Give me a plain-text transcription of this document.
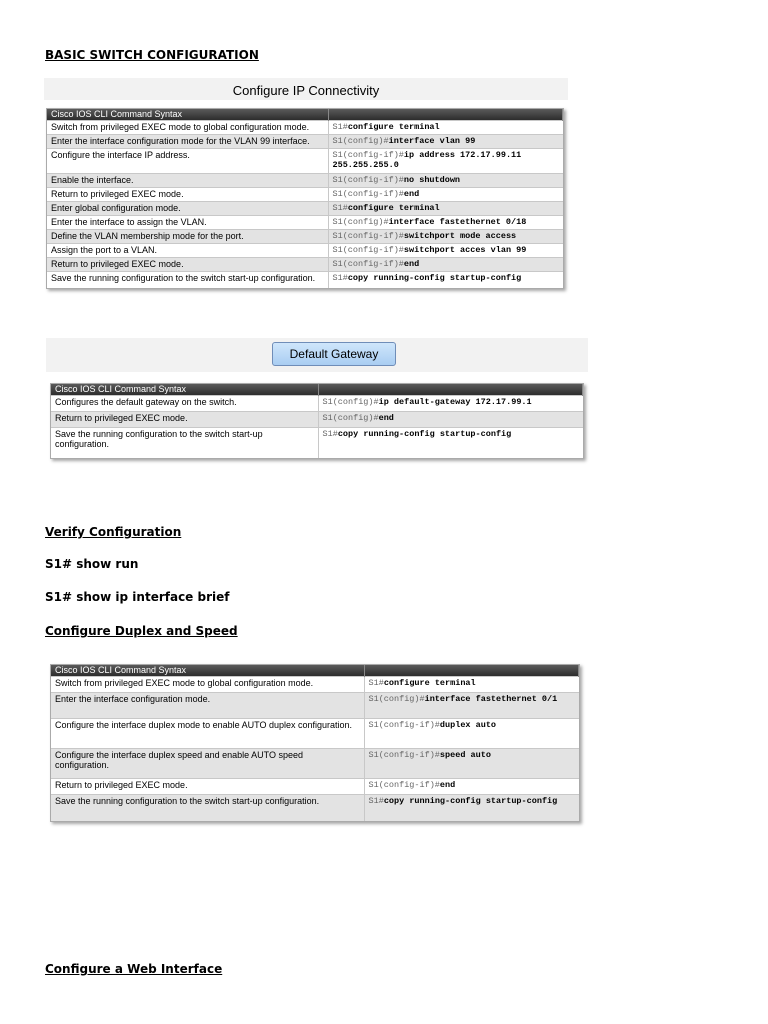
BASIC SWITCH CONFIGURATION

Configure IP Connectivity
Cisco IOS CLI Command Syntax	
Switch from privileged EXEC mode to global configuration mode.	S1#configure terminal
Enter the interface configuration mode for the VLAN 99 interface.	S1(config)#interface vlan 99
Configure the interface IP address.	S1(config-if)#ip address 172.17.99.11 255.255.255.0
Enable the interface.	S1(config-if)#no shutdown
Return to privileged EXEC mode.	S1(config-if)#end
Enter global configuration mode.	S1#configure terminal
Enter the interface to assign the VLAN.	S1(config)#interface fastethernet 0/18
Define the VLAN membership mode for the port.	S1(config-if)#switchport mode access
Assign the port to a VLAN.	S1(config-if)#switchport acces vlan 99
Return to privileged EXEC mode.	S1(config-if)#end
Save the running configuration to the switch start-up configuration.	S1#copy running-config startup-config
Default Gateway
Cisco IOS CLI Command Syntax	
Configures the default gateway on the switch.	S1(config)#ip default-gateway 172.17.99.1
Return to privileged EXEC mode.	S1(config)#end
Save the running configuration to the switch start-up configuration.	S1#copy running-config startup-config

Verify Configuration

S1# show run

S1# show ip interface brief

Configure Duplex and Speed

Cisco IOS CLI Command Syntax	
Switch from privileged EXEC mode to global configuration mode.	S1#configure terminal
Enter the interface configuration mode.	S1(config)#interface fastethernet 0/1
Configure the interface duplex mode to enable AUTO duplex configuration.	S1(config-if)#duplex auto
Configure the interface duplex speed and enable AUTO speed configuration.	S1(config-if)#speed auto
Return to privileged EXEC mode.	S1(config-if)#end
Save the running configuration to the switch start-up configuration.	S1#copy running-config startup-config

Configure a Web Interface
